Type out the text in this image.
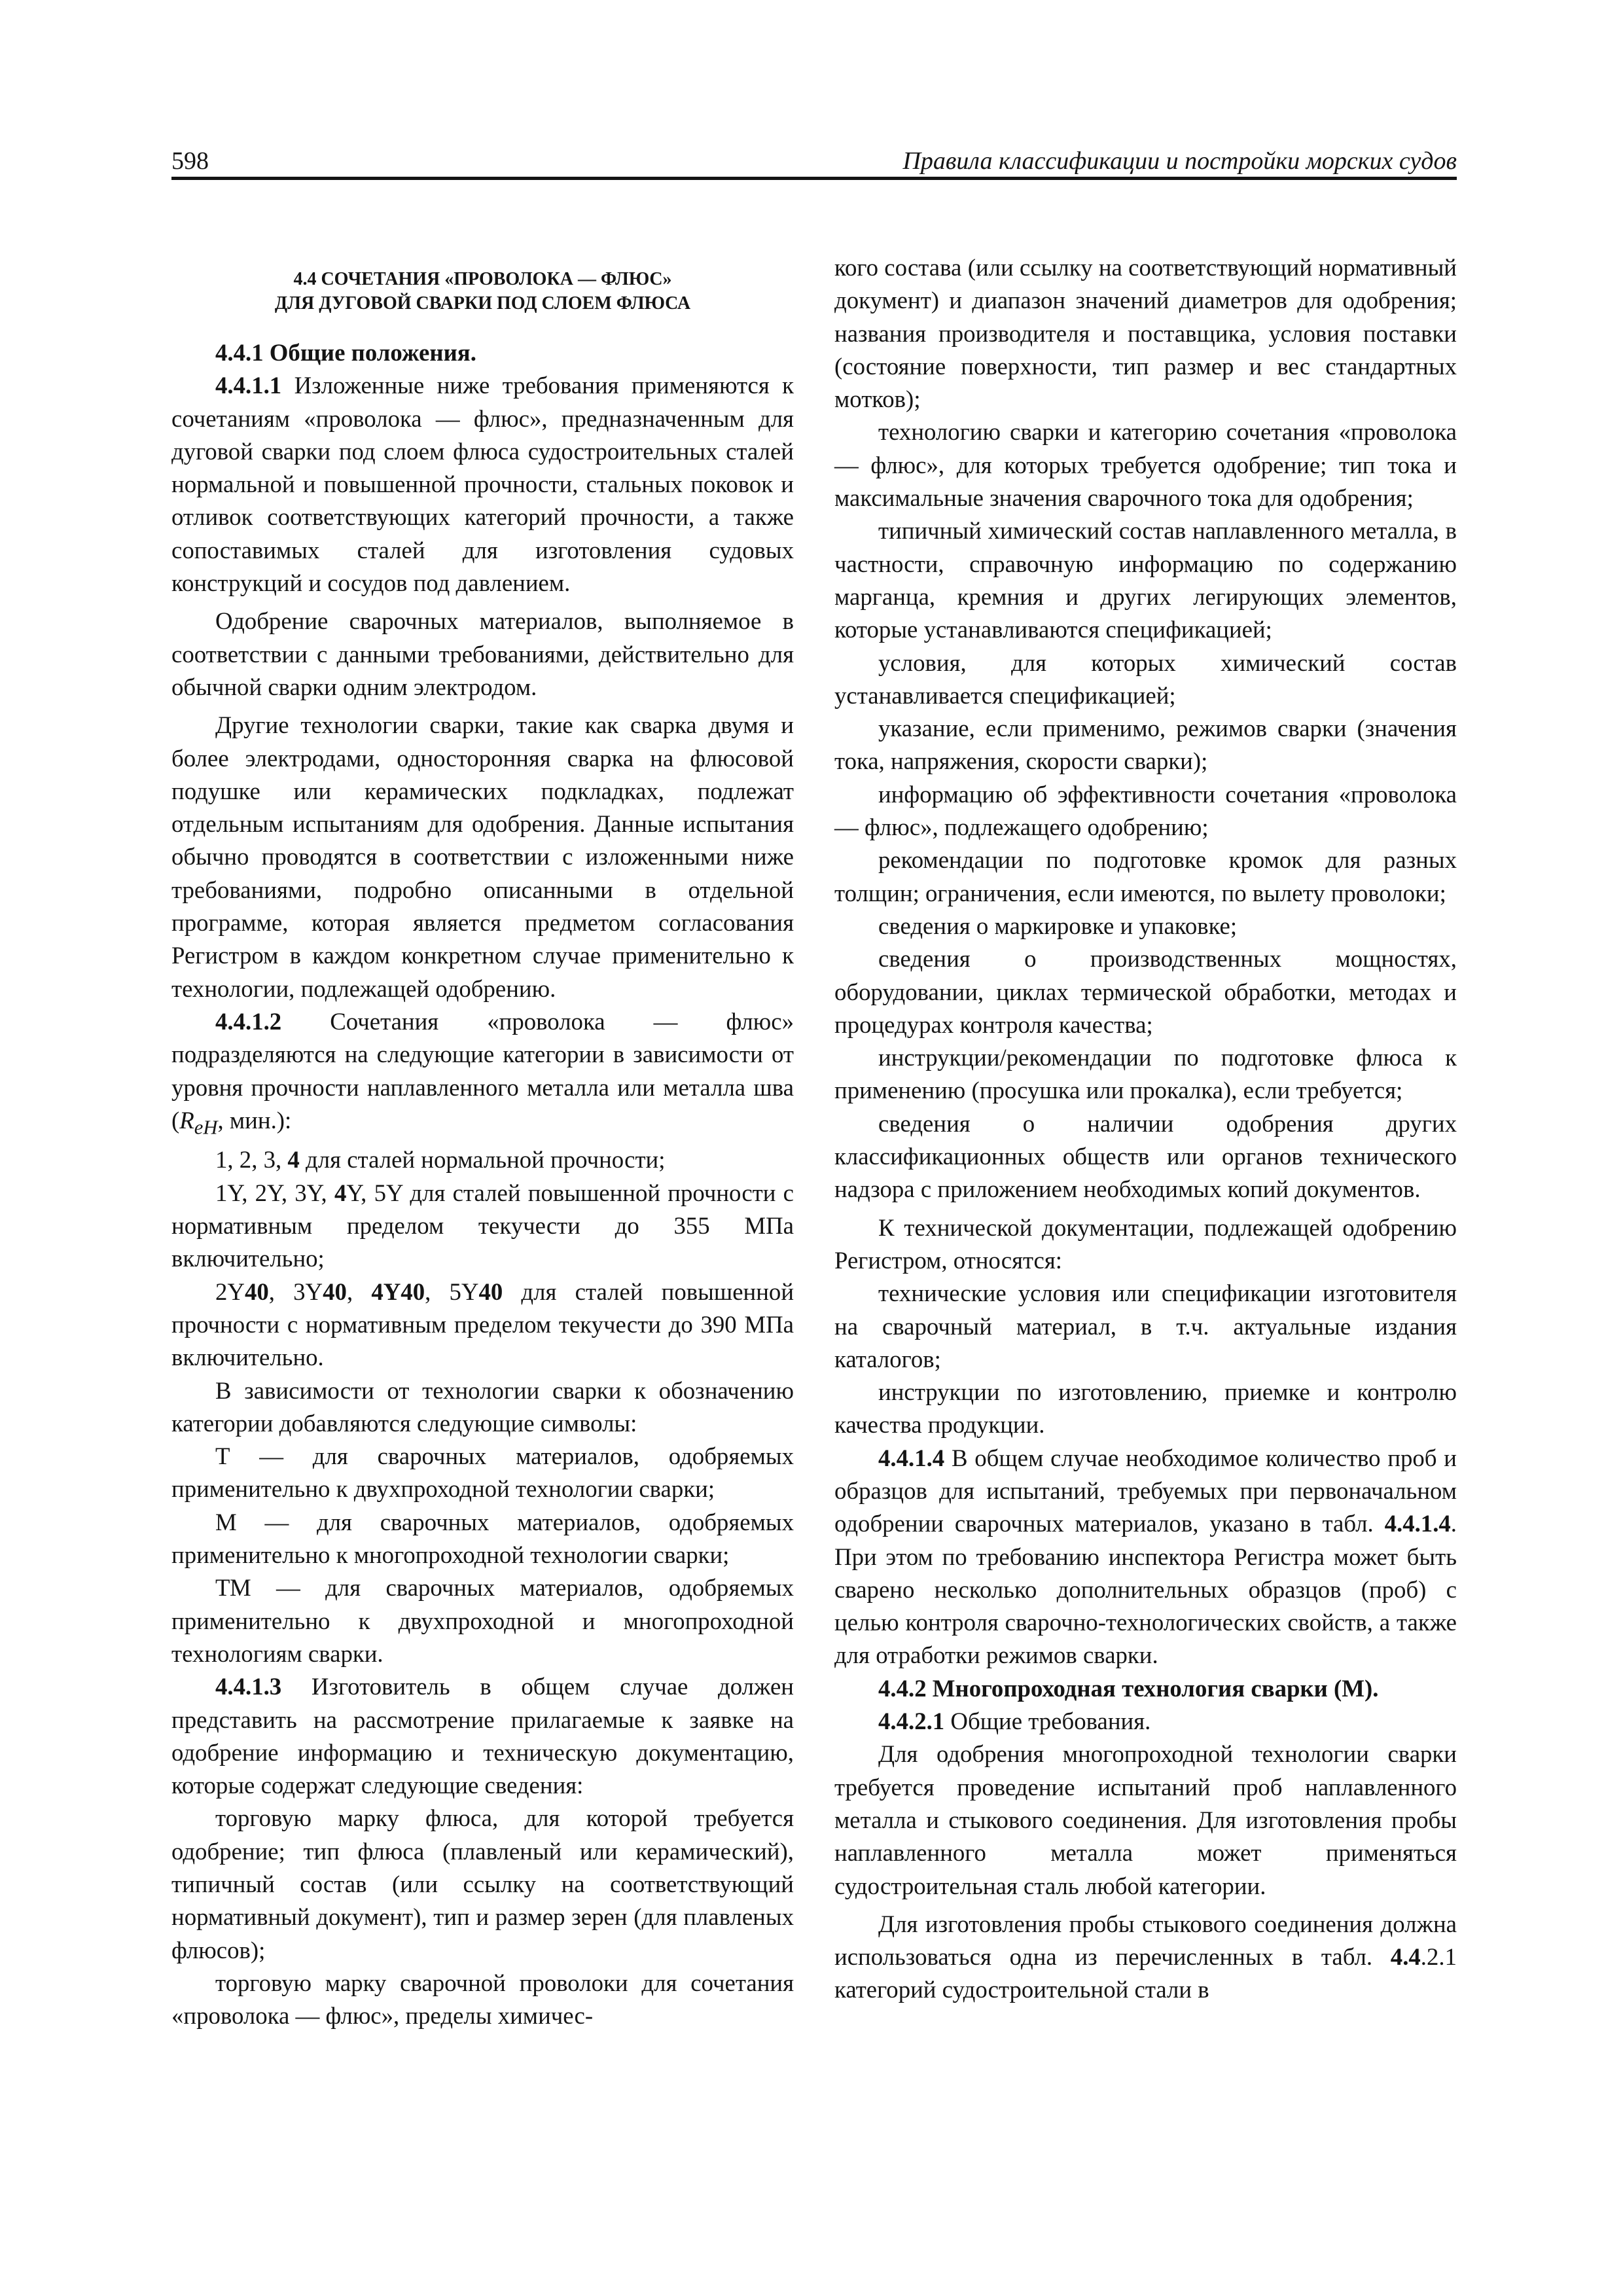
598	Правила классификации и постройки морских судов
4.4 СОЧЕТАНИЯ «ПРОВОЛОКА — ФЛЮС»
ДЛЯ ДУГОВОЙ СВАРКИ ПОД СЛОЕМ ФЛЮСА

4.4.1 Общие положения.

4.4.1.1 Изложенные ниже требования применяются к сочетаниям «проволока — флюс», предназначенным для дуговой сварки под слоем флюса судостроительных сталей нормальной и повышенной прочности, стальных поковок и отливок соответствующих категорий прочности, а также сопоставимых сталей для изготовления судовых конструкций и сосудов под давлением.

Одобрение сварочных материалов, выполняемое в соответствии с данными требованиями, действительно для обычной сварки одним электродом.

Другие технологии сварки, такие как сварка двумя и более электродами, односторонняя сварка на флюсовой подушке или керамических подкладках, подлежат отдельным испытаниям для одобрения. Данные испытания обычно проводятся в соответствии с изложенными ниже требованиями, подробно описанными в отдельной программе, которая является предметом согласования Регистром в каждом конкретном случае применительно к технологии, подлежащей одобрению.

4.4.1.2 Сочетания «проволока — флюс» подразделяются на следующие категории в зависимости от уровня прочности наплавленного металла или металла шва ($R_{eH}$, мин.):

1, 2, 3, 4 для сталей нормальной прочности;

1Y, 2Y, 3Y, 4Y, 5Y для сталей повышенной прочности с нормативным пределом текучести до 355 МПа включительно;

2Y40, 3Y40, 4Y40, 5Y40 для сталей повышенной прочности с нормативным пределом текучести до 390 МПа включительно.

В зависимости от технологии сварки к обозначению категории добавляются следующие символы:

Т — для сварочных материалов, одобряемых применительно к двухпроходной технологии сварки;

М — для сварочных материалов, одобряемых применительно к многопроходной технологии сварки;

ТМ — для сварочных материалов, одобряемых применительно к двухпроходной и многопроходной технологиям сварки.

4.4.1.3 Изготовитель в общем случае должен представить на рассмотрение прилагаемые к заявке на одобрение информацию и техническую документацию, которые содержат следующие сведения:

торговую марку флюса, для которой требуется одобрение; тип флюса (плавленый или керамический), типичный состав (или ссылку на соответствующий нормативный документ), тип и размер зерен (для плавленых флюсов);

торговую марку сварочной проволоки для сочетания «проволока — флюс», пределы химичес-

кого состава (или ссылку на соответствующий нормативный документ) и диапазон значений диаметров для одобрения; названия производителя и поставщика, условия поставки (состояние поверхности, тип размер и вес стандартных мотков);

технологию сварки и категорию сочетания «проволока — флюс», для которых требуется одобрение; тип тока и максимальные значения сварочного тока для одобрения;

типичный химический состав наплавленного металла, в частности, справочную информацию по содержанию марганца, кремния и других легирующих элементов, которые устанавливаются спецификацией;

условия, для которых химический состав устанавливается спецификацией;

указание, если применимо, режимов сварки (значения тока, напряжения, скорости сварки);

информацию об эффективности сочетания «проволока — флюс», подлежащего одобрению;

рекомендации по подготовке кромок для разных толщин; ограничения, если имеются, по вылету проволоки;

сведения о маркировке и упаковке;

сведения о производственных мощностях, оборудовании, циклах термической обработки, методах и процедурах контроля качества;

инструкции/рекомендации по подготовке флюса к применению (просушка или прокалка), если требуется;

сведения о наличии одобрения других классификационных обществ или органов технического надзора с приложением необходимых копий документов.

К технической документации, подлежащей одобрению Регистром, относятся:

технические условия или спецификации изготовителя на сварочный материал, в т.ч. актуальные издания каталогов;

инструкции по изготовлению, приемке и контролю качества продукции.

4.4.1.4 В общем случае необходимое количество проб и образцов для испытаний, требуемых при первоначальном одобрении сварочных материалов, указано в табл. 4.4.1.4. При этом по требованию инспектора Регистра может быть сварено несколько дополнительных образцов (проб) с целью контроля сварочно-технологических свойств, а также для отработки режимов сварки.

4.4.2 Многопроходная технология сварки (М).

4.4.2.1 Общие требования.

Для одобрения многопроходной технологии сварки требуется проведение испытаний проб наплавленного металла и стыкового соединения. Для изготовления пробы наплавленного металла может применяться судостроительная сталь любой категории.

Для изготовления пробы стыкового соединения должна использоваться одна из перечисленных в табл. 4.4.2.1 категорий судостроительной стали в
